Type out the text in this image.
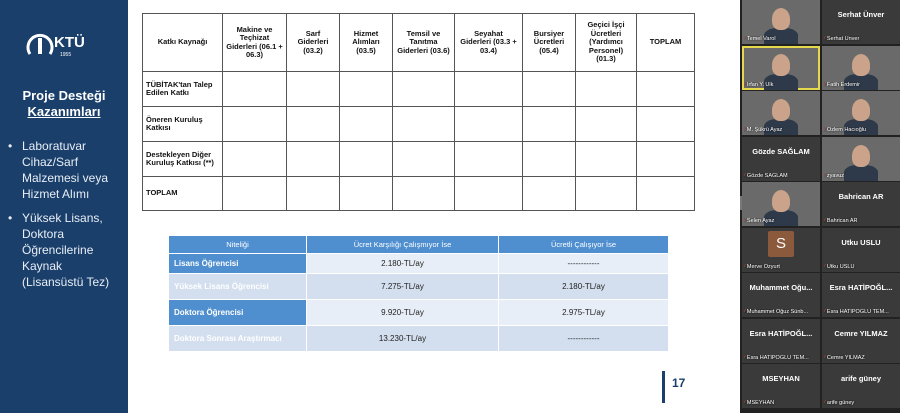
KTÜ
1955
Proje Desteği
Kazanımları
• Laboratuvar Cihaz/Sarf Malzemesi veya Hizmet Alımı
• Yüksek Lisans, Doktora Öğrencilerine Kaynak (Lisansüstü Tez)
Katkı Kaynağı	Makine ve Teçhizat Giderleri (06.1 + 06.3)	Sarf Giderleri (03.2)	Hizmet Alımları (03.5)	Temsil ve Tanıtma Giderleri (03.6)	Seyahat Giderleri (03.3 + 03.4)	Bursiyer Ücretleri (05.4)	Geçici İşçi Ücretleri (Yardımcı Personel) (01.3)	TOPLAM
TÜBİTAK'tan Talep Edilen Katkı								
Öneren Kuruluş Katkısı								
Destekleyen Diğer Kuruluş Katkısı (**)								
TOPLAM								
Niteliği	Ücret Karşılığı Çalışmıyor İse	Ücretli Çalışıyor İse
Lisans Öğrencisi	2.180-TL/ay	------------
Yüksek Lisans Öğrencisi	7.275-TL/ay	2.180-TL/ay
Doktora Öğrencisi	9.920-TL/ay	2.975-TL/ay
Doktora Sonrası Araştırmacı	13.230-TL/ay	------------
17
⁄ Temel Varol
Serhat Ünver
⁄ Serhat Ünver
⁄ İrfan Y. Ülk	⁄ Fatih Erdemir
⁄ M. Şükrü Ayaz	⁄ Özlem Hacıoğlu
Gözde SAĞLAM
⁄ Gözde SAĞLAM	⁄ zyavuz
⁄ Selen Ayaz
Bahrican AR
⁄ Bahrican AR
S
⁄ Merve Ozyurt
Utku USLU
⁄ Utku USLU
Muhammet Oğu...
⁄ Muhammet Oğuz Sünb...
Esra HATİPOĞL...
⁄ Esra HATİPOĞLU TEM...
Esra HATİPOĞL...
⁄ Esra HATİPOĞLU TEM...
Cemre YILMAZ
⁄ Cemre YILMAZ
MSEYHAN
⁄ MSEYHAN
arife güney
⁄ arife güney
